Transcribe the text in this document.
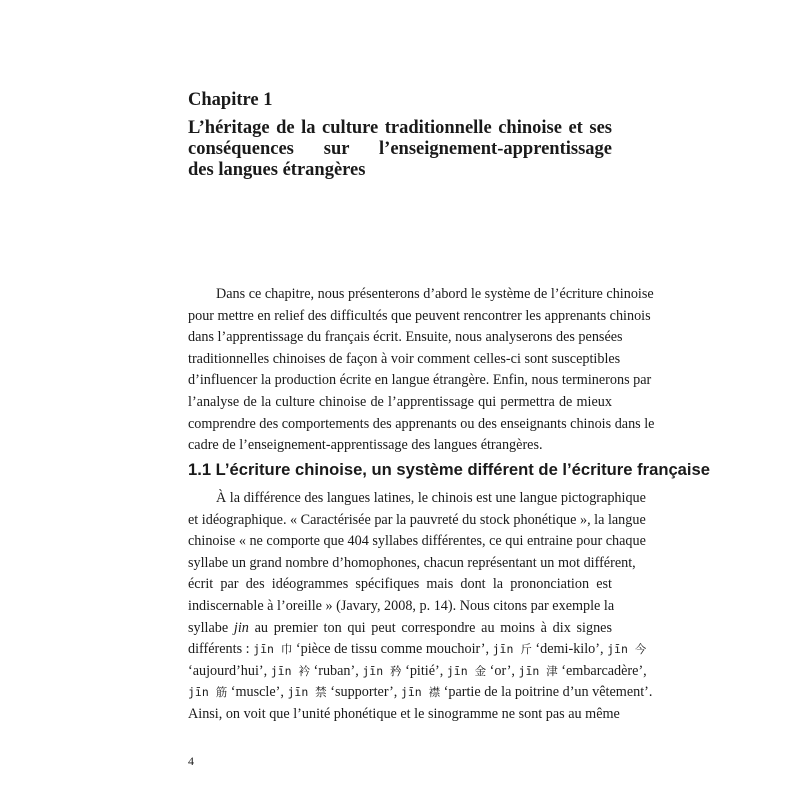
Chapitre 1
L’héritage de la culture traditionnelle chinoise et ses
conséquences sur l’enseignement-apprentissage
des langues étrangères
Dans ce chapitre, nous présenterons d’abord le système de l’écriture chinoise
pour mettre en relief des difficultés que peuvent rencontrer les apprenants chinois
dans l’apprentissage du français écrit. Ensuite, nous analyserons des pensées
traditionnelles chinoises de façon à voir comment celles-ci sont susceptibles
d’influencer la production écrite en langue étrangère. Enfin, nous terminerons par
l’analyse de la culture chinoise de l’apprentissage qui permettra de mieux
comprendre des comportements des apprenants ou des enseignants chinois dans le
cadre de l’enseignement-apprentissage des langues étrangères.
1.1 L’écriture chinoise, un système différent de l’écriture française
À la différence des langues latines, le chinois est une langue pictographique
et idéographique. « Caractérisée par la pauvreté du stock phonétique », la langue
chinoise « ne comporte que 404 syllabes différentes, ce qui entraine pour chaque
syllabe un grand nombre d’homophones, chacun représentant un mot différent,
écrit par des idéogrammes spécifiques mais dont la prononciation est
indiscernable à l’oreille » (Javary, 2008, p. 14). Nous citons par exemple la
syllabe jin au premier ton qui peut correspondre au moins à dix signes
différents : jīn 巾 ‘pièce de tissu comme mouchoir’, jīn 斤 ‘demi-kilo’, jīn 今
‘aujourd’hui’, jīn 衿 ‘ruban’, jīn 矜 ‘pitié’, jīn 金 ‘or’, jīn 津 ‘embarcadère’,
jīn 筋 ‘muscle’, jīn 禁 ‘supporter’, jīn 襟 ‘partie de la poitrine d’un vêtement’.
Ainsi, on voit que l’unité phonétique et le sinogramme ne sont pas au même
4
